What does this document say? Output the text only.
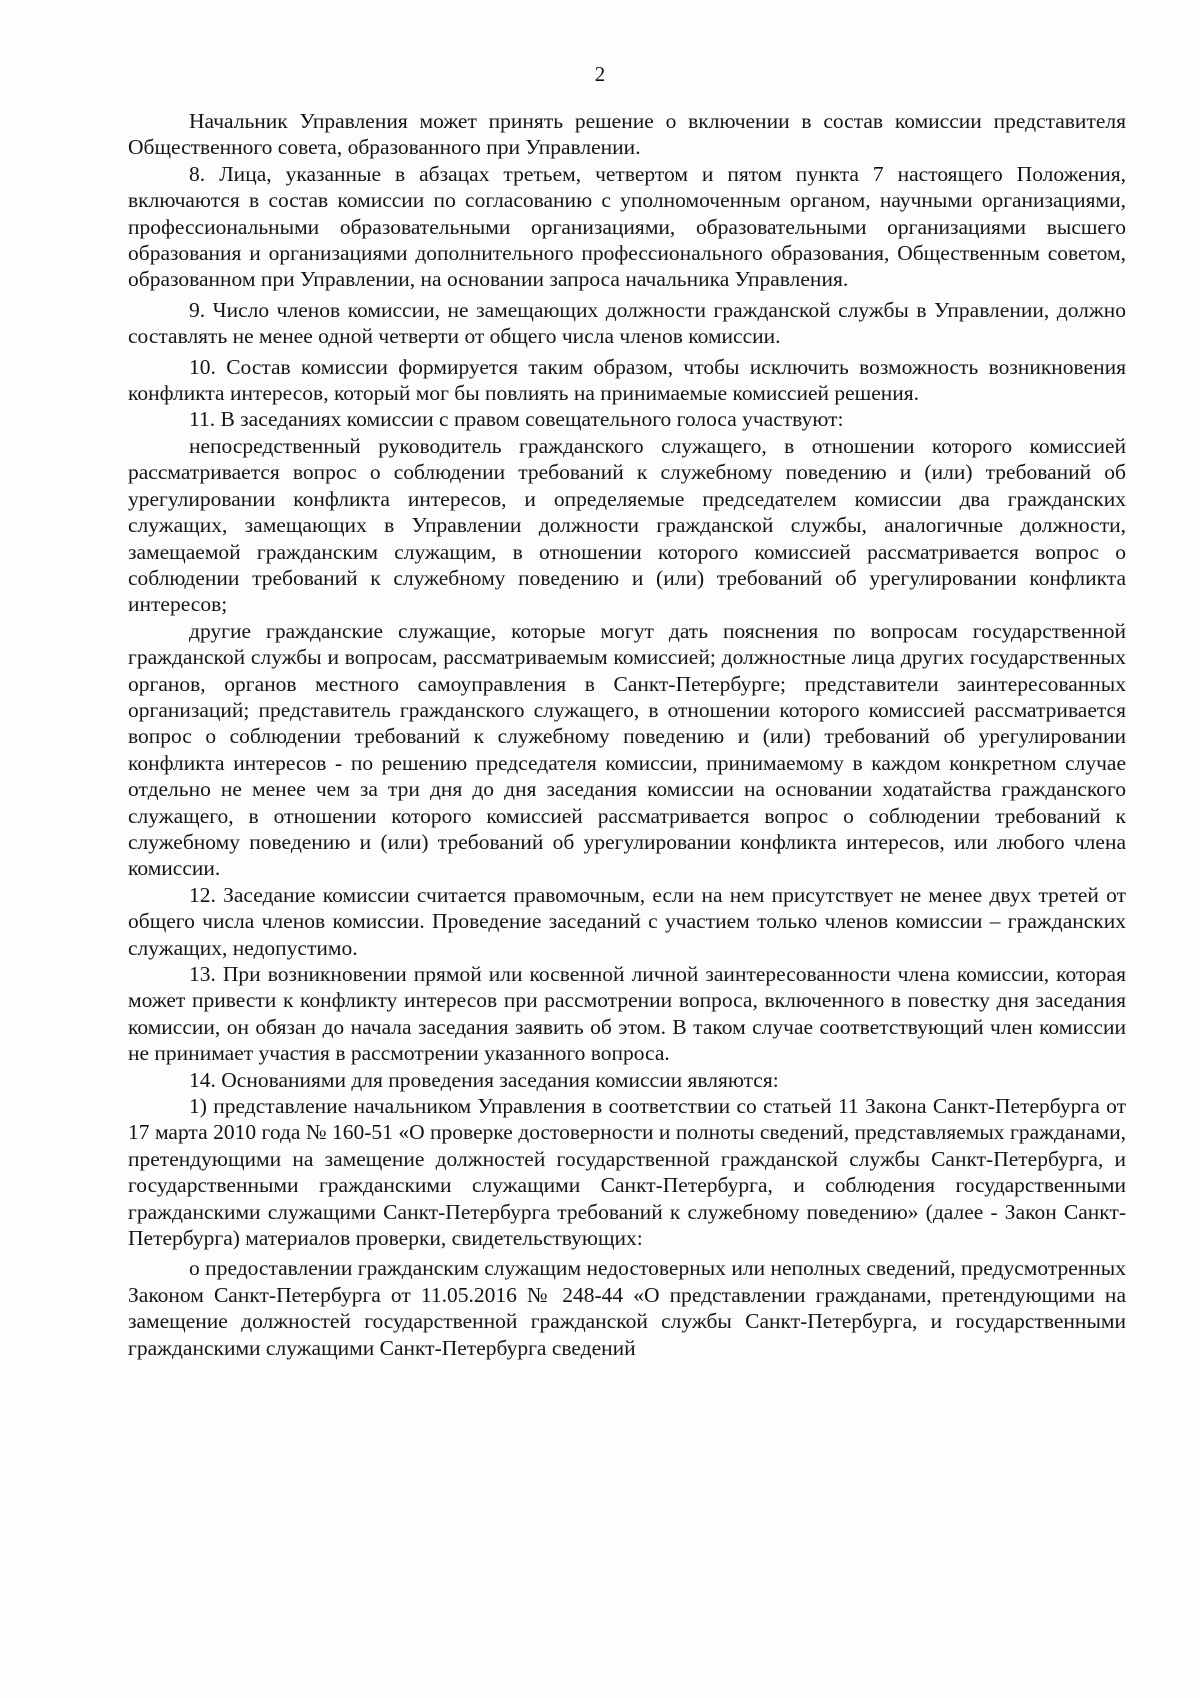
2

Начальник Управления может принять решение о включении в состав комиссии представителя Общественного совета, образованного при Управлении.

8. Лица, указанные в абзацах третьем, четвертом и пятом пункта 7 настоящего Положения, включаются в состав комиссии по согласованию с уполномоченным органом, научными организациями, профессиональными образовательными организациями, образовательными организациями высшего образования и организациями дополнительного профессионального образования, Общественным советом, образованном при Управлении, на основании запроса начальника Управления.

9. Число членов комиссии, не замещающих должности гражданской службы в Управлении, должно составлять не менее одной четверти от общего числа членов комиссии.

10. Состав комиссии формируется таким образом, чтобы исключить возможность возникновения конфликта интересов, который мог бы повлиять на принимаемые комиссией решения.

11. В заседаниях комиссии с правом совещательного голоса участвуют:

непосредственный руководитель гражданского служащего, в отношении которого комиссией рассматривается вопрос о соблюдении требований к служебному поведению и (или) требований об урегулировании конфликта интересов, и определяемые председателем комиссии два гражданских служащих, замещающих в Управлении должности гражданской службы, аналогичные должности, замещаемой гражданским служащим, в отношении которого комиссией рассматривается вопрос о соблюдении требований к служебному поведению и (или) требований об урегулировании конфликта интересов;

другие гражданские служащие, которые могут дать пояснения по вопросам государственной гражданской службы и вопросам, рассматриваемым комиссией; должностные лица других государственных органов, органов местного самоуправления в Санкт-Петербурге; представители заинтересованных организаций; представитель гражданского служащего, в отношении которого комиссией рассматривается вопрос о соблюдении требований к служебному поведению и (или) требований об урегулировании конфликта интересов - по решению председателя комиссии, принимаемому в каждом конкретном случае отдельно не менее чем за три дня до дня заседания комиссии на основании ходатайства гражданского служащего, в отношении которого комиссией рассматривается вопрос о соблюдении требований к служебному поведению и (или) требований об урегулировании конфликта интересов, или любого члена комиссии.

12. Заседание комиссии считается правомочным, если на нем присутствует не менее двух третей от общего числа членов комиссии. Проведение заседаний с участием только членов комиссии – гражданских служащих, недопустимо.

13. При возникновении прямой или косвенной личной заинтересованности члена комиссии, которая может привести к конфликту интересов при рассмотрении вопроса, включенного в повестку дня заседания комиссии, он обязан до начала заседания заявить об этом. В таком случае соответствующий член комиссии не принимает участия в рассмотрении указанного вопроса.

14. Основаниями для проведения заседания комиссии являются:

1) представление начальником Управления в соответствии со статьей 11 Закона Санкт-Петербурга от 17 марта 2010 года № 160-51 «О проверке достоверности и полноты сведений, представляемых гражданами, претендующими на замещение должностей государственной гражданской службы Санкт-Петербурга, и государственными гражданскими служащими Санкт-Петербурга, и соблюдения государственными гражданскими служащими Санкт-Петербурга требований к служебному поведению» (далее - Закон Санкт-Петербурга) материалов проверки, свидетельствующих:

о предоставлении гражданским служащим недостоверных или неполных сведений, предусмотренных Законом Санкт-Петербурга от 11.05.2016 № 248-44 «О представлении гражданами, претендующими на замещение должностей государственной гражданской службы Санкт-Петербурга, и государственными гражданскими служащими Санкт-Петербурга сведений
